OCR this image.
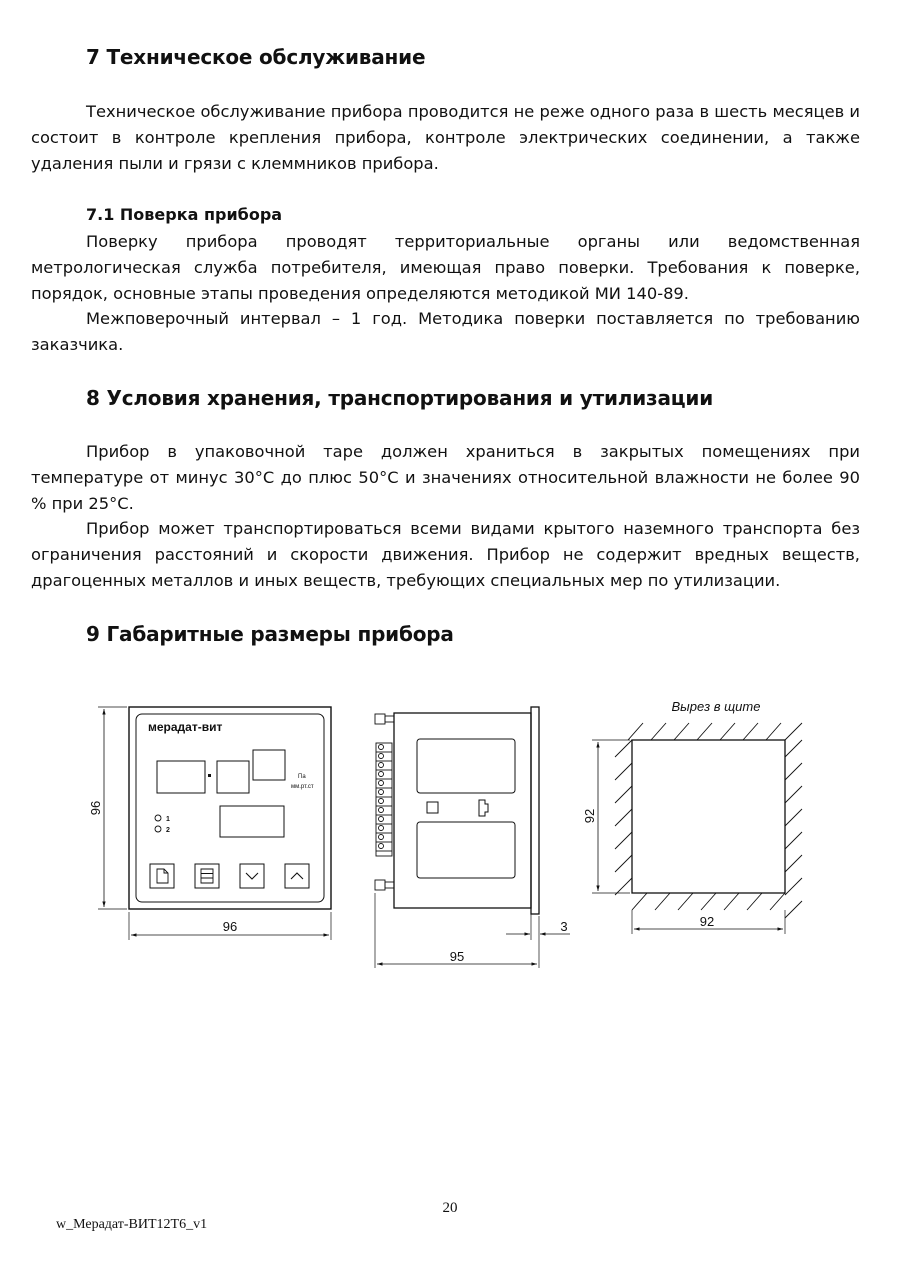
7 Техническое обслуживание

Техническое обслуживание прибора проводится не реже одного раза в шесть месяцев и состоит в контроле крепления прибора, контроле электрических соединении, а также удаления пыли и грязи с клеммников прибора.

7.1 Поверка прибора

Поверку прибора проводят территориальные органы или ведомственная метрологическая служба потребителя, имеющая право поверки. Требования к поверке, порядок, основные этапы проведения определяются методикой МИ 140-89.

Межповерочный интервал – 1 год. Методика поверки поставляется по требованию заказчика.

8 Условия хранения, транспортирования и утилизации

Прибор в упаковочной таре должен храниться в закрытых помещениях при температуре от минус 30°С до плюс 50°С и значениях относительной влажности не более 90 % при 25°С.

Прибор может транспортироваться всеми видами крытого наземного транспорта без ограничения расстояний и скорости движения. Прибор не содержит вредных веществ, драгоценных металлов и иных веществ, требующих специальных мер по утилизации.

9 Габаритные размеры прибора
мерадат-вит
Па
мм.рт.ст
1
2
96
96
3
95
Вырез в щите
92
92
20
w_Мерадат-ВИТ12Т6_v1
